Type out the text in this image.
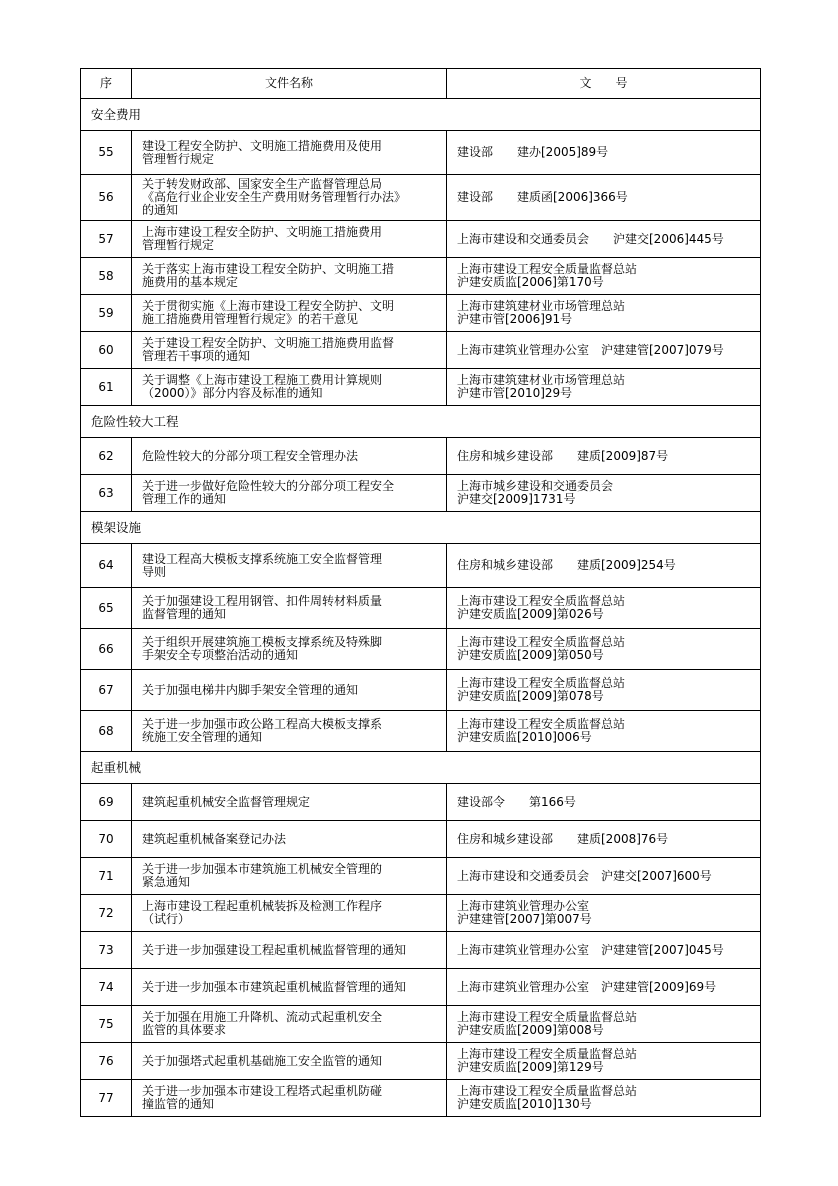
序	文件名称	文　　号
安全费用		
55	建设工程安全防护、文明施工措施费用及使用
管理暂行规定	建设部　　建办[2005]89号
56	关于转发财政部、国家安全生产监督管理总局
《高危行业企业安全生产费用财务管理暂行办法》
的通知	建设部　　建质函[2006]366号
57	上海市建设工程安全防护、文明施工措施费用
管理暂行规定	上海市建设和交通委员会　　沪建交[2006]445号
58	关于落实上海市建设工程安全防护、文明施工措
施费用的基本规定	上海市建设工程安全质量监督总站
沪建安质监[2006]第170号
59	关于贯彻实施《上海市建设工程安全防护、文明
施工措施费用管理暂行规定》的若干意见	上海市建筑建材业市场管理总站
沪建市管[2006]91号
60	关于建设工程安全防护、文明施工措施费用监督
管理若干事项的通知	上海市建筑业管理办公室　沪建建管[2007]079号
61	关于调整《上海市建设工程施工费用计算规则
（2000）》部分内容及标准的通知	上海市建筑建材业市场管理总站
沪建市管[2010]29号
危险性较大工程		
62	危险性较大的分部分项工程安全管理办法	住房和城乡建设部　　建质[2009]87号
63	关于进一步做好危险性较大的分部分项工程安全
管理工作的通知	上海市城乡建设和交通委员会
沪建交[2009]1731号
模架设施		
64	建设工程高大模板支撑系统施工安全监督管理
导则	住房和城乡建设部　　建质[2009]254号
65	关于加强建设工程用钢管、扣件周转材料质量
监督管理的通知	上海市建设工程安全质监督总站
沪建安质监[2009]第026号
66	关于组织开展建筑施工模板支撑系统及特殊脚
手架安全专项整治活动的通知	上海市建设工程安全质监督总站
沪建安质监[2009]第050号
67	关于加强电梯井内脚手架安全管理的通知	上海市建设工程安全质监督总站
沪建安质监[2009]第078号
68	关于进一步加强市政公路工程高大模板支撑系
统施工安全管理的通知	上海市建设工程安全质监督总站
沪建安质监[2010]006号
起重机械		
69	建筑起重机械安全监督管理规定	建设部令　　第166号
70	建筑起重机械备案登记办法	住房和城乡建设部　　建质[2008]76号
71	关于进一步加强本市建筑施工机械安全管理的
紧急通知	上海市建设和交通委员会　沪建交[2007]600号
72	上海市建设工程起重机械装拆及检测工作程序
（试行）	上海市建筑业管理办公室
沪建建管[2007]第007号
73	关于进一步加强建设工程起重机械监督管理的通知	上海市建筑业管理办公室　沪建建管[2007]045号
74	关于进一步加强本市建筑起重机械监督管理的通知	上海市建筑业管理办公室　沪建建管[2009]69号
75	关于加强在用施工升降机、流动式起重机安全
监管的具体要求	上海市建设工程安全质量监督总站
沪建安质监[2009]第008号
76	关于加强塔式起重机基础施工安全监管的通知	上海市建设工程安全质量监督总站
沪建安质监[2009]第129号
77	关于进一步加强本市建设工程塔式起重机防碰
撞监管的通知	上海市建设工程安全质量监督总站
沪建安质监[2010]130号
